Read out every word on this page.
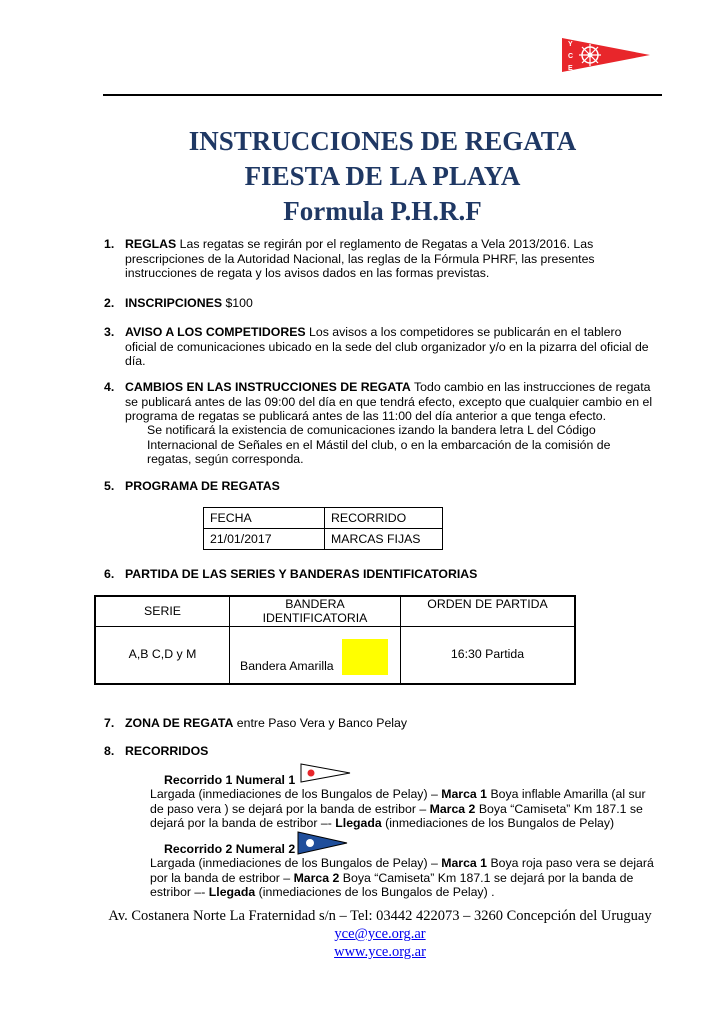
Y
C
E
INSTRUCCIONES DE REGATA
FIESTA DE LA PLAYA
Formula P.H.R.F
1. REGLAS Las regatas se regirán por el reglamento de Regatas a Vela 2013/2016. Las prescripciones de la Autoridad Nacional, las reglas de la Fórmula PHRF, las presentes instrucciones de regata y los avisos dados en las formas previstas.
2. INSCRIPCIONES $100
3. AVISO A LOS COMPETIDORES Los avisos a los competidores se publicarán en el tablero oficial de comunicaciones ubicado en la sede del club organizador y/o en la pizarra del oficial de día.
4. CAMBIOS EN LAS INSTRUCCIONES DE REGATA Todo cambio en las instrucciones de regata se publicará antes de las 09:00 del día en que tendrá efecto, excepto que cualquier cambio en el programa de regatas se publicará antes de las 11:00 del día anterior a que tenga efecto.
Se notificará la existencia de comunicaciones izando la bandera letra L del Código Internacional de Señales en el Mástil del club, o en la embarcación de la comisión de regatas, según corresponda.
5. PROGRAMA DE REGATAS
FECHA	RECORRIDO
21/01/2017	MARCAS FIJAS
6. PARTIDA DE LAS SERIES Y BANDERAS IDENTIFICATORIAS
SERIE	BANDERA IDENTIFICATORIA	ORDEN DE PARTIDA
A,B C,D y M	Bandera Amarilla	16:30 Partida
7. ZONA DE REGATA entre Paso Vera y Banco Pelay
8. RECORRIDOS
Recorrido 1 Numeral 1
Largada (inmediaciones de los Bungalos de Pelay) – Marca 1 Boya inflable Amarilla (al sur de paso vera ) se dejará por la banda de estribor – Marca 2 Boya “Camiseta” Km 187.1 se dejará por la banda de estribor –- Llegada (inmediaciones de los Bungalos de Pelay)
Recorrido 2 Numeral 2
Largada (inmediaciones de los Bungalos de Pelay) – Marca 1 Boya roja paso vera se dejará por la banda de estribor – Marca 2 Boya “Camiseta” Km 187.1 se dejará por la banda de estribor –- Llegada (inmediaciones de los Bungalos de Pelay) .
Av. Costanera Norte La Fraternidad s/n – Tel: 03442 422073 – 3260 Concepción del Uruguay
yce@yce.org.ar
www.yce.org.ar
